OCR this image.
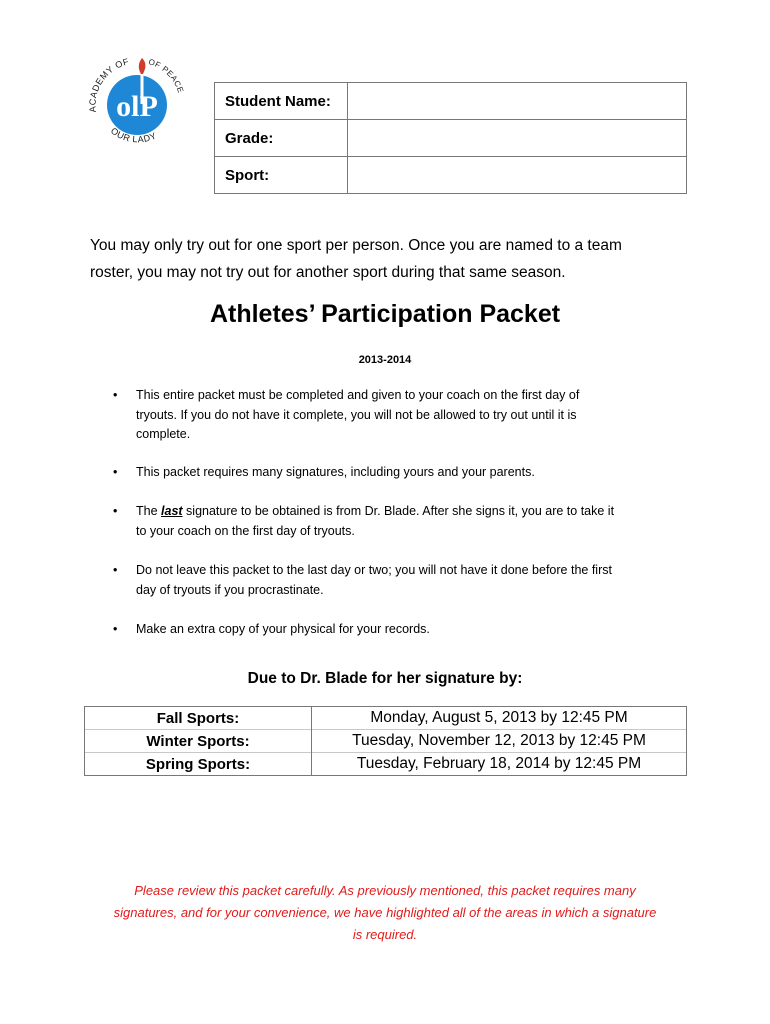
olP
ACADEMY OF OF PEACE
OUR LADY
Student Name:	
Grade:	
Sport:	
You may only try out for one sport per person. Once you are named to a team
roster, you may not try out for another sport during that same season.
Athletes’ Participation Packet
2013-2014
• This entire packet must be completed and given to your coach on the first day of
tryouts. If you do not have it complete, you will not be allowed to try out until it is
complete.
• This packet requires many signatures, including yours and your parents.
• The last signature to be obtained is from Dr. Blade. After she signs it, you are to take it
to your coach on the first day of tryouts.
• Do not leave this packet to the last day or two; you will not have it done before the first
day of tryouts if you procrastinate.
• Make an extra copy of your physical for your records.
Due to Dr. Blade for her signature by:
Fall Sports:	Monday, August 5, 2013 by 12:45 PM
Winter Sports:	Tuesday, November 12, 2013 by 12:45 PM
Spring Sports:	Tuesday, February 18, 2014 by 12:45 PM
Please review this packet carefully. As previously mentioned, this packet requires many
signatures, and for your convenience, we have highlighted all of the areas in which a signature
is required.
